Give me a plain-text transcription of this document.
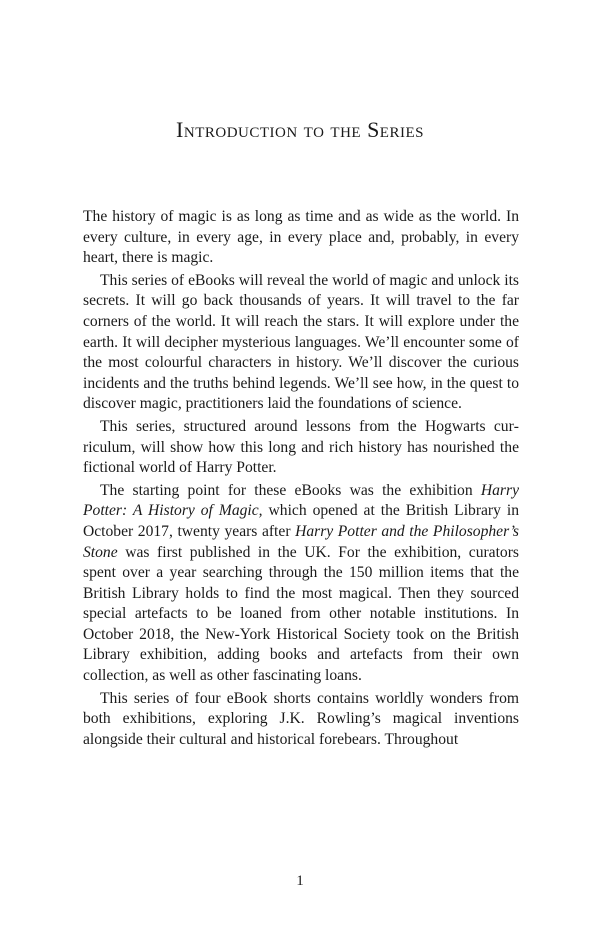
Introduction to the Series

The history of magic is as long as time and as wide as the world. In every culture, in every age, in every place and, probably, in every heart, there is magic.

This series of eBooks will reveal the world of magic and unlock its secrets. It will go back thousands of years. It will travel to the far corners of the world. It will reach the stars. It will explore under the earth. It will decipher mysterious languages. We’ll encounter some of the most colourful characters in history. We’ll discover the curious incidents and the truths behind legends. We’ll see how, in the quest to discover magic, practitioners laid the foundations of science.

This series, structured around lessons from the Hogwarts curriculum, will show how this long and rich history has nourished the fictional world of Harry Potter.

The starting point for these eBooks was the exhibition Harry Potter: A History of Magic, which opened at the British Library in October 2017, twenty years after Harry Potter and the Philosopher’s Stone was first published in the UK. For the exhibition, curators spent over a year searching through the 150 million items that the British Library holds to find the most magical. Then they sourced special artefacts to be loaned from other notable institutions. In October 2018, the New-York Historical Society took on the British Library exhibition, adding books and artefacts from their own collection, as well as other fascinating loans.

This series of four eBook shorts contains worldly wonders from both exhibitions, exploring J.K. Rowling’s magical inventions alongside their cultural and historical forebears. Throughout

1
